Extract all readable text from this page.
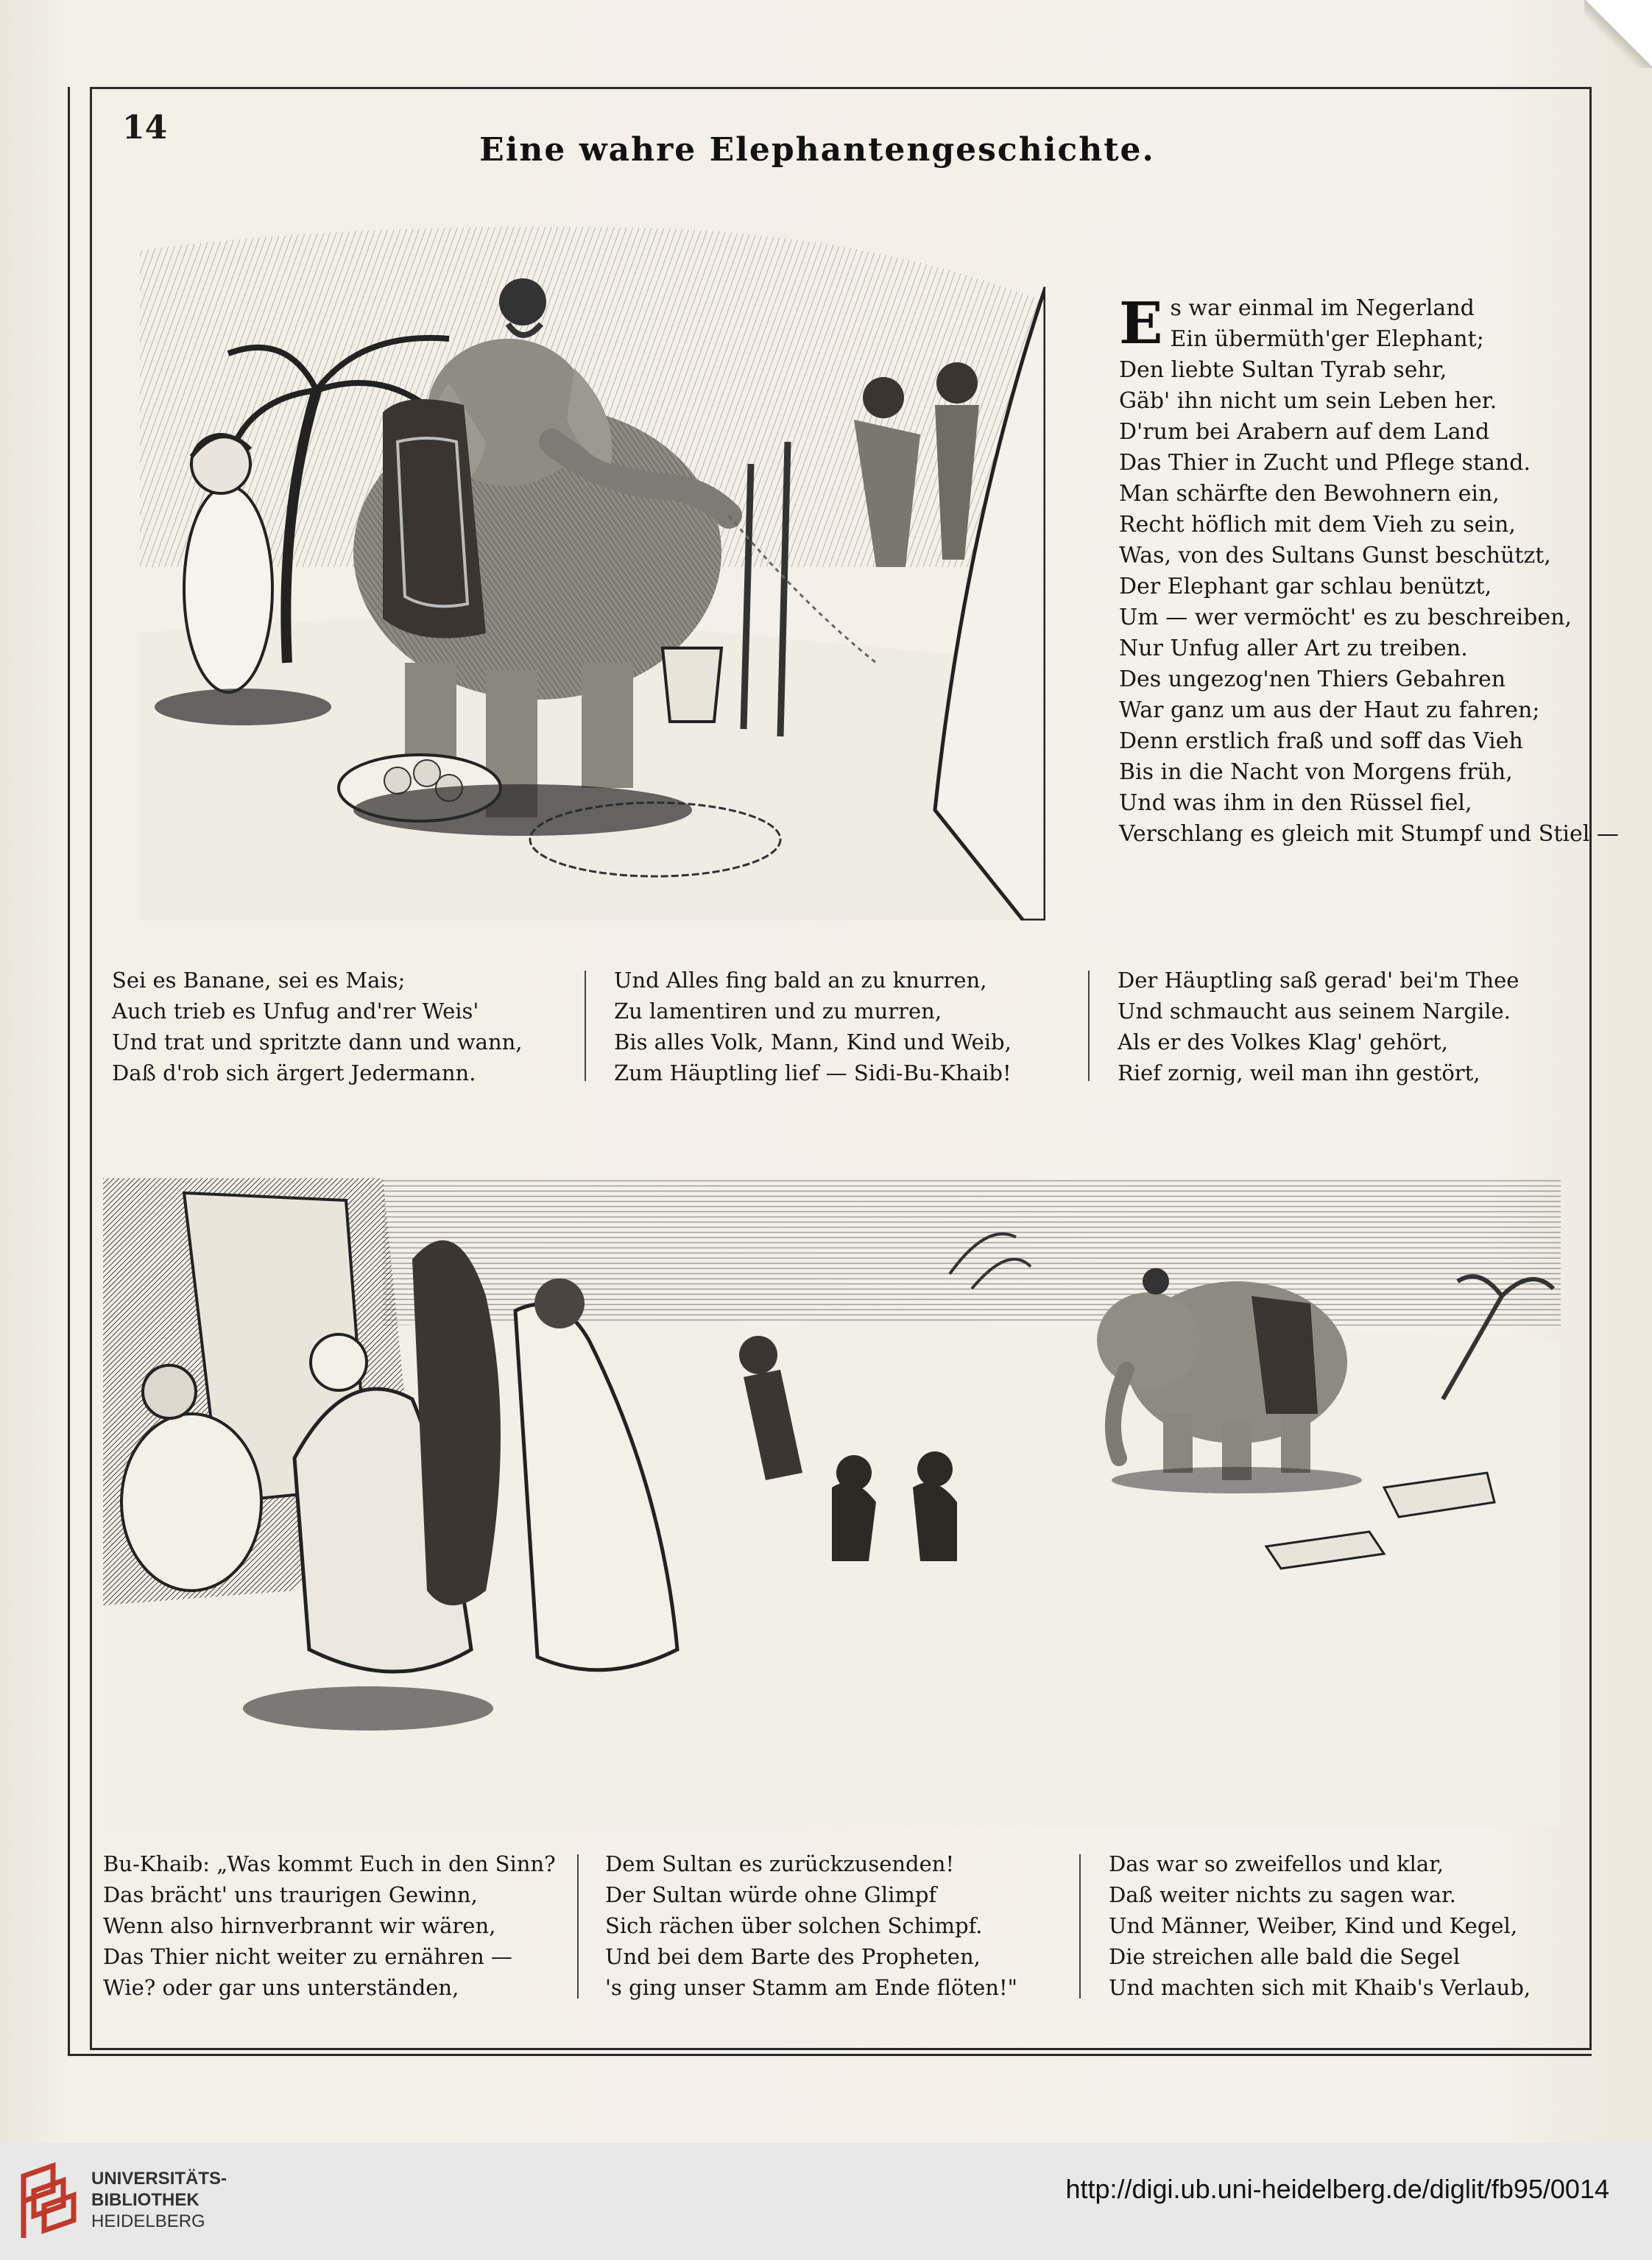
14
Eine wahre Elephantengeschichte.
E s war einmal im Negerland
Ein übermüth'ger Elephant;
Den liebte Sultan Tyrab sehr,
Gäb' ihn nicht um sein Leben her.
D'rum bei Arabern auf dem Land
Das Thier in Zucht und Pflege stand.
Man schärfte den Bewohnern ein,
Recht höflich mit dem Vieh zu sein,
Was, von des Sultans Gunst beschützt,
Der Elephant gar schlau benützt,
Um — wer vermöcht' es zu beschreiben,
Nur Unfug aller Art zu treiben.
Des ungezog'nen Thiers Gebahren
War ganz um aus der Haut zu fahren;
Denn erstlich fraß und soff das Vieh
Bis in die Nacht von Morgens früh,
Und was ihm in den Rüssel fiel,
Verschlang es gleich mit Stumpf und Stiel —
Sei es Banane, sei es Mais;
Auch trieb es Unfug and'rer Weis'
Und trat und spritzte dann und wann,
Daß d'rob sich ärgert Jedermann.
Und Alles fing bald an zu knurren,
Zu lamentiren und zu murren,
Bis alles Volk, Mann, Kind und Weib,
Zum Häuptling lief — Sidi-Bu-Khaib!
Der Häuptling saß gerad' bei'm Thee
Und schmaucht aus seinem Nargile.
Als er des Volkes Klag' gehört,
Rief zornig, weil man ihn gestört,
Bu-Khaib: „Was kommt Euch in den Sinn?
Das brächt' uns traurigen Gewinn,
Wenn also hirnverbrannt wir wären,
Das Thier nicht weiter zu ernähren —
Wie? oder gar uns unterständen,
Dem Sultan es zurückzusenden!
Der Sultan würde ohne Glimpf
Sich rächen über solchen Schimpf.
Und bei dem Barte des Propheten,
's ging unser Stamm am Ende flöten!"
Das war so zweifellos und klar,
Daß weiter nichts zu sagen war.
Und Männer, Weiber, Kind und Kegel,
Die streichen alle bald die Segel
Und machten sich mit Khaib's Verlaub,
UNIVERSITÄTS-
BIBLIOTHEK
HEIDELBERG
http://digi.ub.uni-heidelberg.de/diglit/fb95/0014
